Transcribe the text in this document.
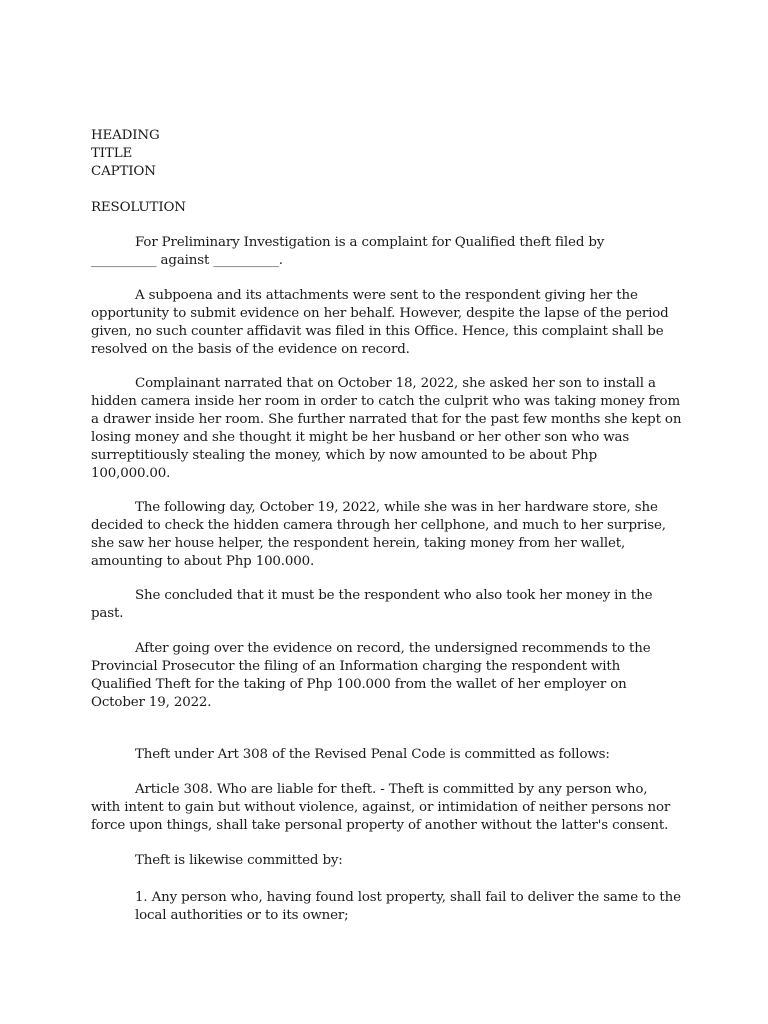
HEADING
TITLE
CAPTION
RESOLUTION
For Preliminary Investigation is a complaint for Qualified theft filed by
__________ against __________.
A subpoena and its attachments were sent to the respondent giving her the
opportunity to submit evidence on her behalf. However, despite the lapse of the period
given, no such counter affidavit was filed in this Office. Hence, this complaint shall be
resolved on the basis of the evidence on record.
Complainant narrated that on October 18, 2022, she asked her son to install a
hidden camera inside her room in order to catch the culprit who was taking money from
a drawer inside her room. She further narrated that for the past few months she kept on
losing money and she thought it might be her husband or her other son who was
surreptitiously stealing the money, which by now amounted to be about Php
100,000.00.
The following day, October 19, 2022, while she was in her hardware store, she
decided to check the hidden camera through her cellphone, and much to her surprise,
she saw her house helper, the respondent herein, taking money from her wallet,
amounting to about Php 100.000.
She concluded that it must be the respondent who also took her money in the
past.
After going over the evidence on record, the undersigned recommends to the
Provincial Prosecutor the filing of an Information charging the respondent with
Qualified Theft for the taking of Php 100.000 from the wallet of her employer on
October 19, 2022.
Theft under Art 308 of the Revised Penal Code is committed as follows:
Article 308. Who are liable for theft. - Theft is committed by any person who,
with intent to gain but without violence, against, or intimidation of neither persons nor
force upon things, shall take personal property of another without the latter's consent.
Theft is likewise committed by:
1. Any person who, having found lost property, shall fail to deliver the same to the
local authorities or to its owner;
